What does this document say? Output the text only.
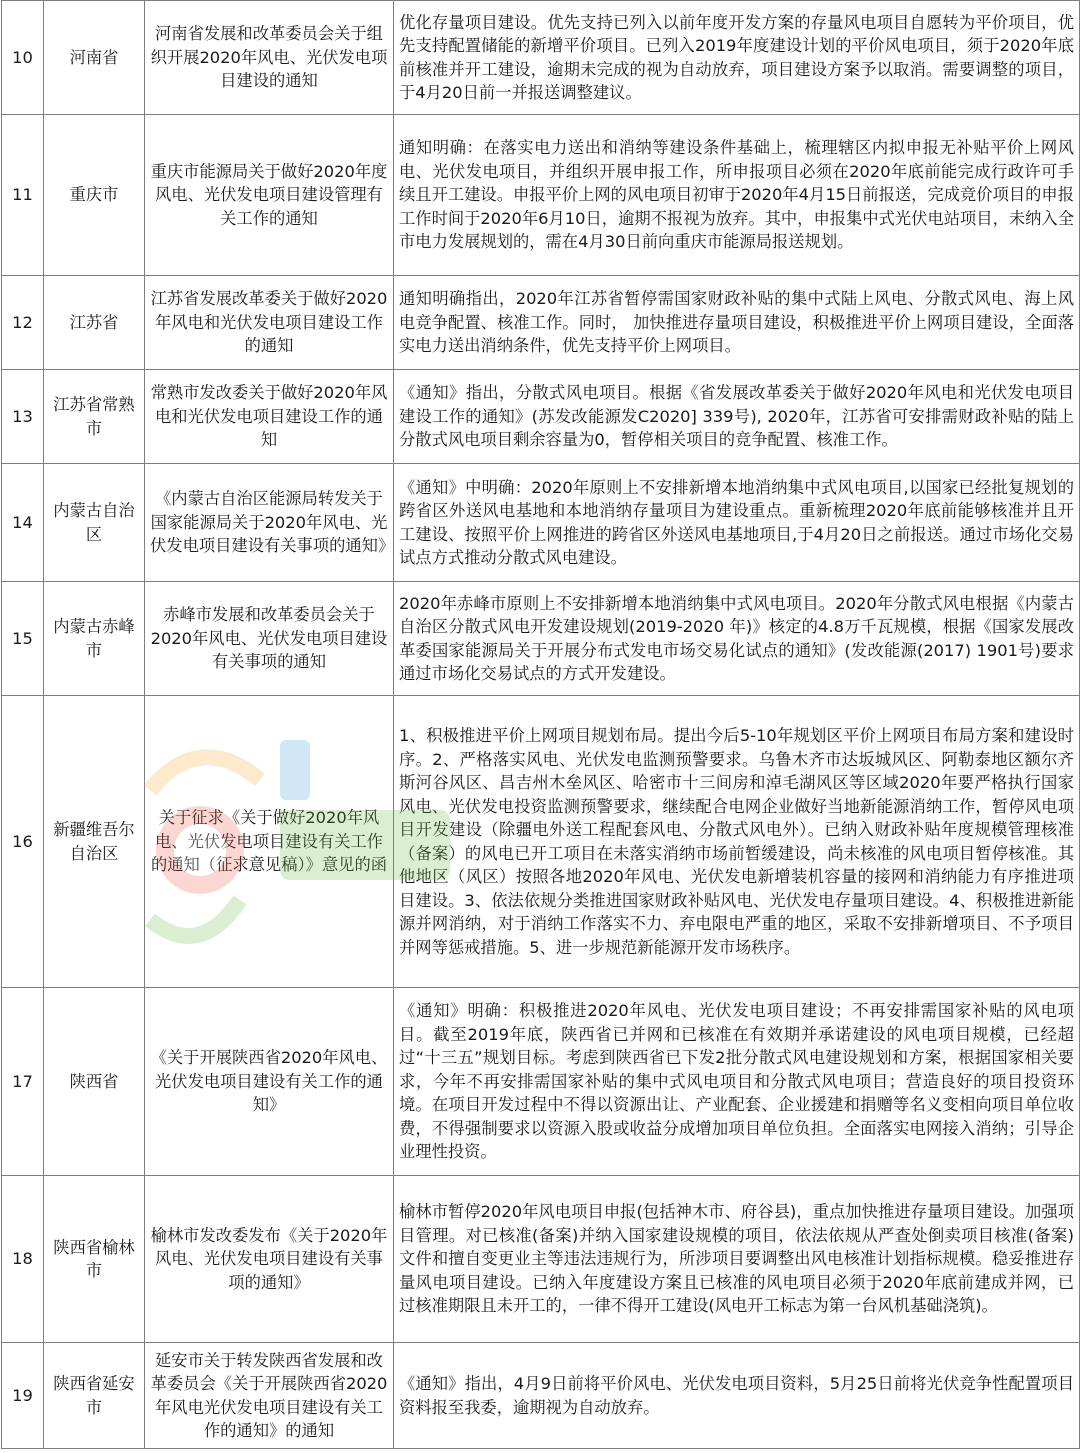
10	河南省	河南省发展和改革委员会关于组织开展2020年风电、光伏发电项目建设的通知	优化存量项目建设。优先支持已列入以前年度开发方案的存量风电项目自愿转为平价项目，优先支持配置储能的新增平价项目。已列入2019年度建设计划的平价风电项目，须于2020年底前核准并开工建设，逾期未完成的视为自动放弃，项目建设方案予以取消。需要调整的项目，于4月20日前一并报送调整建议。
11	重庆市	重庆市能源局关于做好2020年度风电、光伏发电项目建设管理有关工作的通知	通知明确：在落实电力送出和消纳等建设条件基础上，梳理辖区内拟申报无补贴平价上网风电、光伏发电项目，并组织开展申报工作，所申报项目必须在2020年底前能完成行政许可手续且开工建设。申报平价上网的风电项目初审于2020年4月15日前报送，完成竞价项目的申报工作时间于2020年6月10日，逾期不报视为放弃。其中，申报集中式光伏电站项目，未纳入全市电力发展规划的，需在4月30日前向重庆市能源局报送规划。
12	江苏省	江苏省发展改革委关于做好2020年风电和光伏发电项目建设工作的通知	通知明确指出，2020年江苏省暂停需国家财政补贴的集中式陆上风电、分散式风电、海上风电竞争配置、核准工作。同时， 加快推进存量项目建设，积极推进平价上网项目建设，全面落实电力送出消纳条件，优先支持平价上网项目。
13	江苏省常熟市	常熟市发改委关于做好2020年风电和光伏发电项目建设工作的通知	《通知》指出，分散式风电项目。根据《省发展改革委关于做好2020年风电和光伏发电项目建设工作的通知》(苏发改能源发C2020] 339号), 2020年，江苏省可安排需财政补贴的陆上分散式风电项目剩余容量为0，暂停相关项目的竞争配置、核准工作。
14	内蒙古自治区	《内蒙古自治区能源局转发关于国家能源局关于2020年风电、光伏发电项目建设有关事项的通知》	《通知》中明确：2020年原则上不安排新增本地消纳集中式风电项目,以国家已经批复规划的跨省区外送风电基地和本地消纳存量项目为建设重点。重新梳理2020年底前能够核准并且开工建设、按照平价上网推进的跨省区外送风电基地项目,于4月20日之前报送。通过市场化交易试点方式推动分散式风电建设。
15	内蒙古赤峰市	赤峰市发展和改革委员会关于2020年风电、光伏发电项目建设有关事项的通知	2020年赤峰市原则上不安排新增本地消纳集中式风电项目。2020年分散式风电根据《内蒙古自治区分散式风电开发建设规划(2019-2020 年)》核定的4.8万千瓦规模，根据《国家发展改革委国家能源局关于开展分布式发电市场交易化试点的通知》(发改能源(2017) 1901号)要求通过市场化交易试点的方式开发建设。
16	新疆维吾尔自治区	关于征求《关于做好2020年风电、光伏发电项目建设有关工作的通知（征求意见稿）》意见的函	1、积极推进平价上网项目规划布局。提出今后5-10年规划区平价上网项目布局方案和建设时序。2、严格落实风电、光伏发电监测预警要求。乌鲁木齐市达坂城风区、阿勒泰地区额尔齐斯河谷风区、昌吉州木垒风区、哈密市十三间房和淖毛湖风区等区域2020年要严格执行国家风电、光伏发电投资监测预警要求，继续配合电网企业做好当地新能源消纳工作，暂停风电项目开发建设（除疆电外送工程配套风电、分散式风电外）。已纳入财政补贴年度规模管理核准（备案）的风电已开工项目在未落实消纳市场前暂缓建设，尚未核准的风电项目暂停核准。其他地区（风区）按照各地2020年风电、光伏发电新增装机容量的接网和消纳能力有序推进项目建设。3、依法依规分类推进国家财政补贴风电、光伏发电存量项目建设。4、积极推进新能源并网消纳，对于消纳工作落实不力、弃电限电严重的地区，采取不安排新增项目、不予项目并网等惩戒措施。5、进一步规范新能源开发市场秩序。
17	陕西省	《关于开展陕西省2020年风电、光伏发电项目建设有关工作的通知》	《通知》明确：积极推进2020年风电、光伏发电项目建设；不再安排需国家补贴的风电项目。截至2019年底，陕西省已并网和已核准在有效期并承诺建设的风电项目规模，已经超过“十三五”规划目标。考虑到陕西省已下发2批分散式风电建设规划和方案，根据国家相关要求，今年不再安排需国家补贴的集中式风电项目和分散式风电项目；营造良好的项目投资环境。在项目开发过程中不得以资源出让、产业配套、企业援建和捐赠等名义变相向项目单位收费，不得强制要求以资源入股或收益分成增加项目单位负担。全面落实电网接入消纳；引导企业理性投资。
18	陕西省榆林市	榆林市发改委发布《关于2020年风电、光伏发电项目建设有关事项的通知》	榆林市暂停2020年风电项目申报(包括神木市、府谷县)，重点加快推进存量项目建设。加强项目管理。对已核准(备案)并纳入国家建设规模的项目，依法依规从严查处倒卖项目核准(备案)文件和擅自变更业主等违法违规行为，所涉项目要调整出风电核准计划指标规模。稳妥推进存量风电项目建设。已纳入年度建设方案且已核准的风电项目必须于2020年底前建成并网，已过核准期限且未开工的，一律不得开工建设(风电开工标志为第一台风机基础浇筑)。
19	陕西省延安市	延安市关于转发陕西省发展和改革委员会《关于开展陕西省2020年风电光伏发电项目建设有关工作的通知》的通知	《通知》指出，4月9日前将平价风电、光伏发电项目资料，5月25日前将光伏竞争性配置项目资料报至我委，逾期视为自动放弃。
